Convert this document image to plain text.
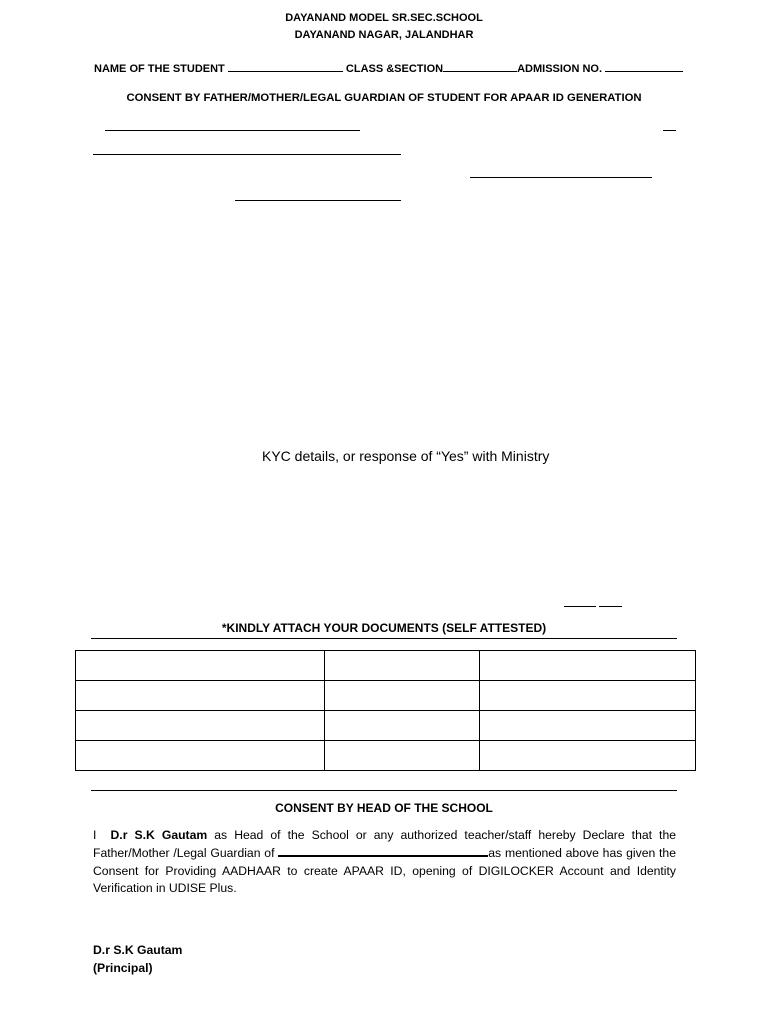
DAYANAND MODEL SR.SEC.SCHOOL
DAYANAND NAGAR, JALANDHAR
NAME OF THE STUDENT	CLASS &SECTION	ADMISSION NO.
CONSENT BY FATHER/MOTHER/LEGAL GUARDIAN OF STUDENT FOR APAAR ID GENERATION
KYC details, or response of “Yes” with Ministry
*KINDLY ATTACH YOUR DOCUMENTS (SELF ATTESTED)

CONSENT BY HEAD OF THE SCHOOL
I D.r S.K Gautam as Head of the School or any authorized teacher/staff hereby Declare that the Father/Mother /Legal Guardian of	as mentioned above has given the Consent for Providing AADHAAR to create APAAR ID, opening of DIGILOCKER Account and Identity Verification in UDISE Plus.
D.r S.K Gautam
(Principal)
